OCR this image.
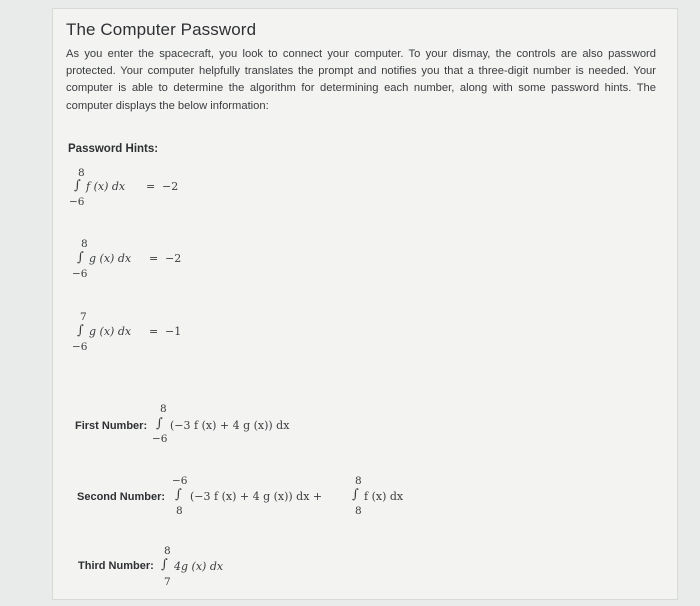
The Computer Password
As you enter the spacecraft, you look to connect your computer. To your dismay, the controls are also password protected. Your computer helpfully translates the prompt and notifies you that a three-digit number is needed. Your computer is able to determine the algorithm for determining each number, along with some password hints. The computer displays the below information:
Password Hints:
8
∫ f (x) dx = −2
−6
8
∫ g (x) dx = −2
−6
7
∫ g (x) dx = −1
−6
First Number:
8
∫ (−3 f (x) + 4 g (x)) dx
−6
Second Number:
−6
∫ (−3 f (x) + 4 g (x)) dx +
8
8
∫ f (x) dx
8
Third Number:
8
∫ 4g (x) dx
7
